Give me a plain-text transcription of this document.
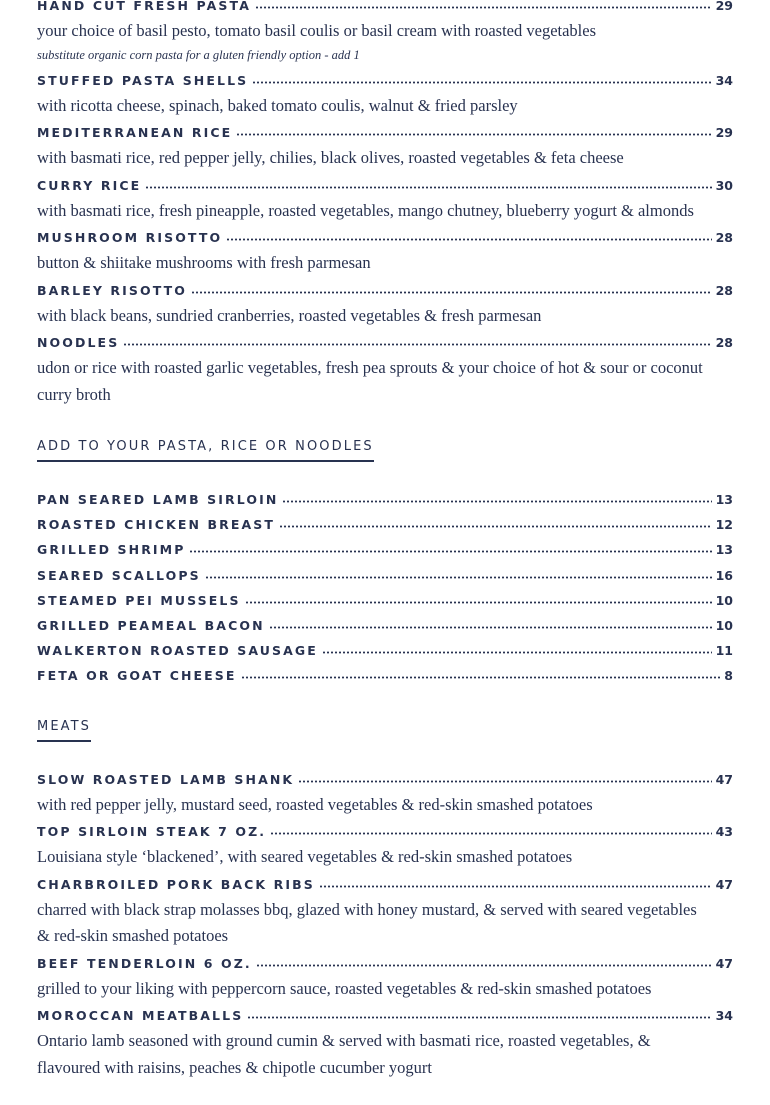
HAND CUT FRESH PASTA	29

your choice of basil pesto, tomato basil coulis or basil cream with roasted vegetables

substitute organic corn pasta for a gluten friendly option - add 1

STUFFED PASTA SHELLS	34

with ricotta cheese, spinach, baked tomato coulis, walnut & fried parsley

MEDITERRANEAN RICE	29

with basmati rice, red pepper jelly, chilies, black olives, roasted vegetables & feta cheese

CURRY RICE	30

with basmati rice, fresh pineapple, roasted vegetables, mango chutney, blueberry yogurt & almonds

MUSHROOM RISOTTO	28

button & shiitake mushrooms with fresh parmesan

BARLEY RISOTTO	28

with black beans, sundried cranberries, roasted vegetables & fresh parmesan

NOODLES	28

udon or rice with roasted garlic vegetables, fresh pea sprouts & your choice of hot & sour or coconut curry broth

ADD TO YOUR PASTA, RICE OR NOODLES
PAN SEARED LAMB SIRLOIN	13
ROASTED CHICKEN BREAST	12
GRILLED SHRIMP	13
SEARED SCALLOPS	16
STEAMED PEI MUSSELS	10
GRILLED PEAMEAL BACON	10
WALKERTON ROASTED SAUSAGE	11
FETA OR GOAT CHEESE	8
MEATS
SLOW ROASTED LAMB SHANK	47

with red pepper jelly, mustard seed, roasted vegetables & red-skin smashed potatoes

TOP SIRLOIN STEAK 7 OZ.	43

Louisiana style ‘blackened’, with seared vegetables & red-skin smashed potatoes

CHARBROILED PORK BACK RIBS	47

charred with black strap molasses bbq, glazed with honey mustard, & served with seared vegetables & red-skin smashed potatoes

BEEF TENDERLOIN 6 OZ.	47

grilled to your liking with peppercorn sauce, roasted vegetables & red-skin smashed potatoes

MOROCCAN MEATBALLS	34

Ontario lamb seasoned with ground cumin & served with basmati rice, roasted vegetables, & flavoured with raisins, peaches & chipotle cucumber yogurt
